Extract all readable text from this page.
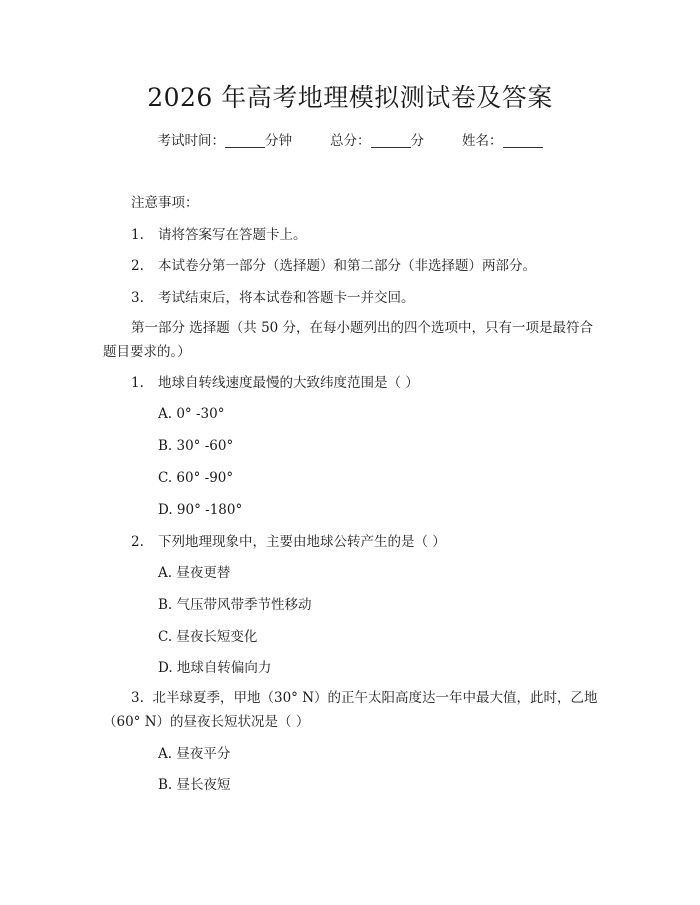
2026 年高考地理模拟测试卷及答案
考试时间：	分钟	总分：	分	姓名：
注意事项：
1. 请将答案写在答题卡上。
2. 本试卷分第一部分（选择题）和第二部分（非选择题）两部分。
3. 考试结束后，将本试卷和答题卡一并交回。
第一部分 选择题（共 50 分，在每小题列出的四个选项中，只有一项是最符合题目要求的。）
1. 地球自转线速度最慢的大致纬度范围是（ ）
A. 0° -30°
B. 30° -60°
C. 60° -90°
D. 90° -180°
2. 下列地理现象中，主要由地球公转产生的是（ ）
A. 昼夜更替
B. 气压带风带季节性移动
C. 昼夜长短变化
D. 地球自转偏向力
3. 北半球夏季，甲地（30° N）的正午太阳高度达一年中最大值，此时，乙地（60° N）的昼夜长短状况是（ ）
A. 昼夜平分
B. 昼长夜短
